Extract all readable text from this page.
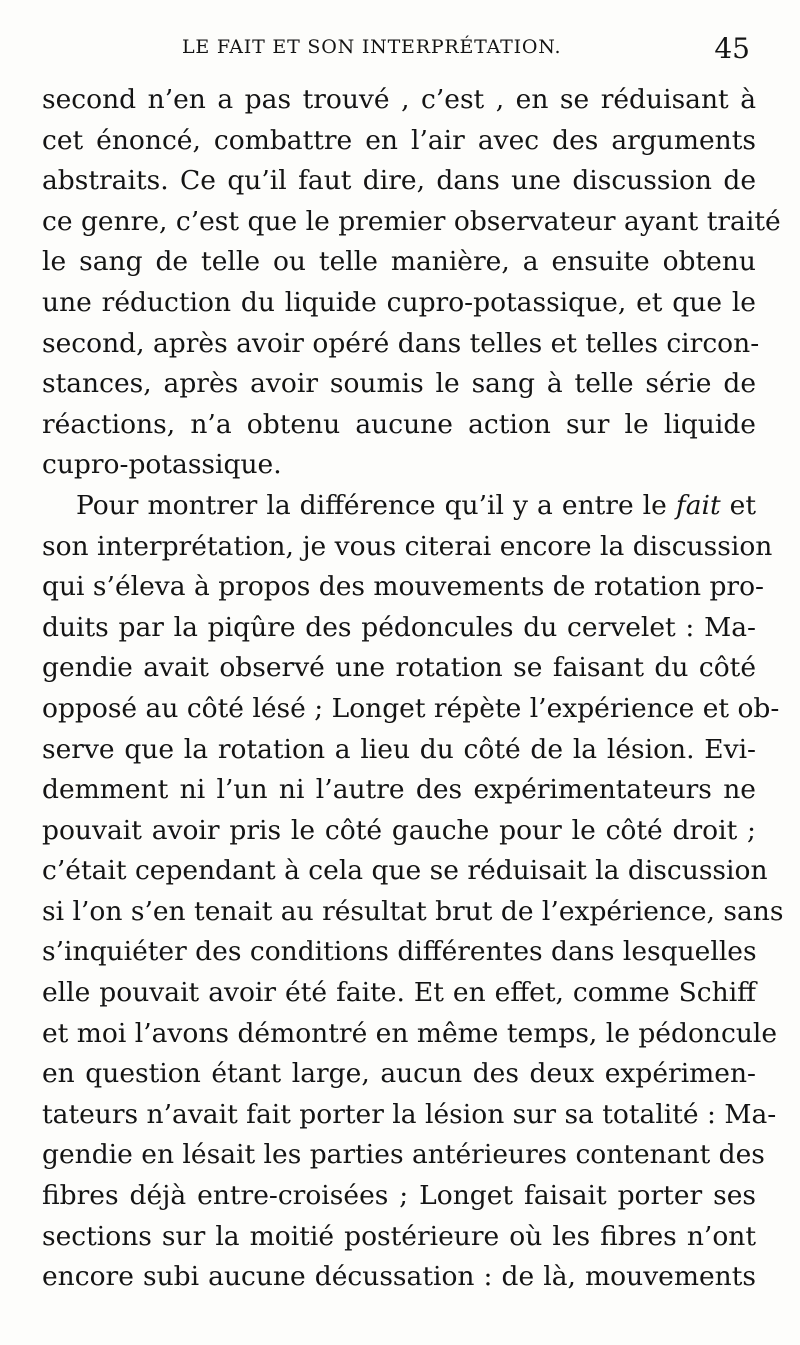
LE FAIT ET SON INTERPRÉTATION.	45
second n’en a pas trouvé , c’est , en se réduisant à
cet énoncé, combattre en l’air avec des arguments
abstraits. Ce qu’il faut dire, dans une discussion de
ce genre, c’est que le premier observateur ayant traité
le sang de telle ou telle manière, a ensuite obtenu
une réduction du liquide cupro-potassique, et que le
second, après avoir opéré dans telles et telles circon-
stances, après avoir soumis le sang à telle série de
réactions, n’a obtenu aucune action sur le liquide
cupro-potassique.
Pour montrer la différence qu’il y a entre le fait et
son interprétation, je vous citerai encore la discussion
qui s’éleva à propos des mouvements de rotation pro-
duits par la piqûre des pédoncules du cervelet : Ma-
gendie avait observé une rotation se faisant du côté
opposé au côté lésé ; Longet répète l’expérience et ob-
serve que la rotation a lieu du côté de la lésion. Evi-
demment ni l’un ni l’autre des expérimentateurs ne
pouvait avoir pris le côté gauche pour le côté droit ;
c’était cependant à cela que se réduisait la discussion
si l’on s’en tenait au résultat brut de l’expérience, sans
s’inquiéter des conditions différentes dans lesquelles
elle pouvait avoir été faite. Et en effet, comme Schiff
et moi l’avons démontré en même temps, le pédoncule
en question étant large, aucun des deux expérimen-
tateurs n’avait fait porter la lésion sur sa totalité : Ma-
gendie en lésait les parties antérieures contenant des
fibres déjà entre-croisées ; Longet faisait porter ses
sections sur la moitié postérieure où les fibres n’ont
encore subi aucune décussation : de là, mouvements
